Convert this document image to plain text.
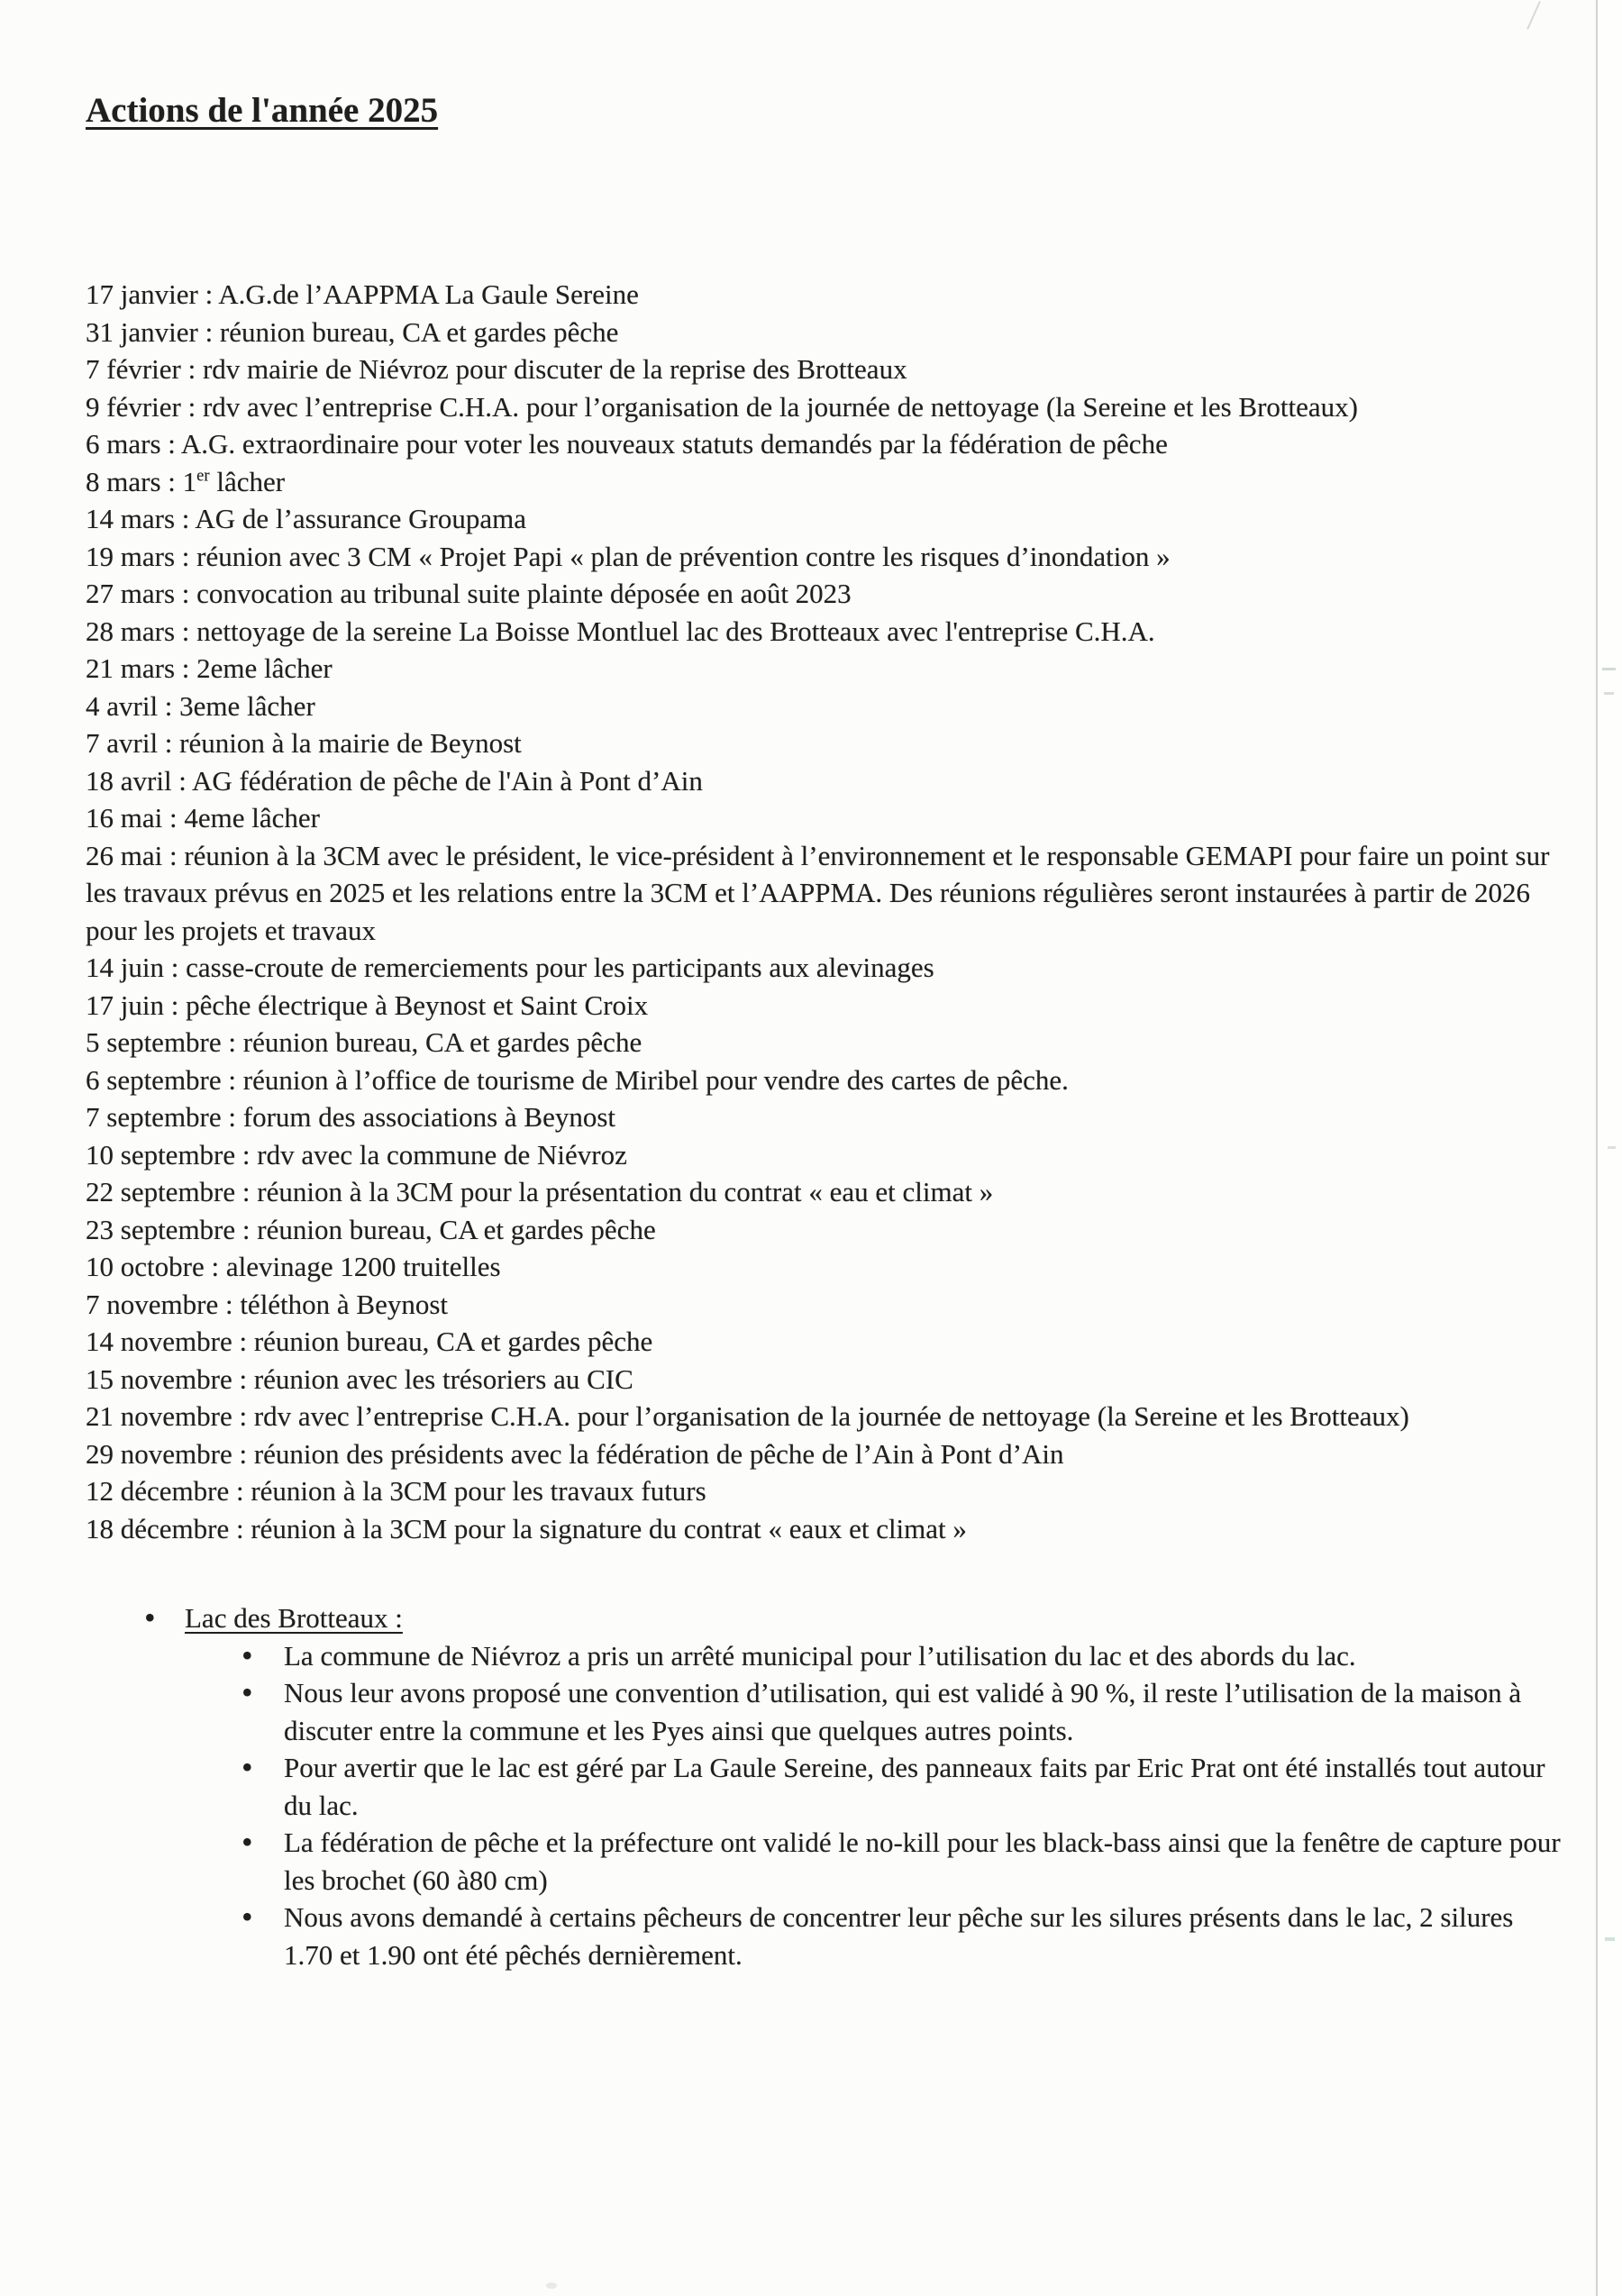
Actions de l'année 2025

17 janvier : A.G.de l’AAPPMA La Gaule Sereine

31 janvier : réunion bureau, CA et gardes pêche

7 février : rdv mairie de Niévroz pour discuter de la reprise des Brotteaux

9 février : rdv avec l’entreprise C.H.A. pour l’organisation de la journée de nettoyage (la Sereine et les Brotteaux)

6 mars : A.G. extraordinaire pour voter les nouveaux statuts demandés par la fédération de pêche

8 mars : 1er lâcher

14 mars : AG de l’assurance Groupama

19 mars : réunion avec 3 CM « Projet Papi « plan de prévention contre les risques d’inondation »

27 mars : convocation au tribunal suite plainte déposée en août 2023

28 mars : nettoyage de la sereine La Boisse Montluel lac des Brotteaux avec l'entreprise C.H.A.

21 mars : 2eme lâcher

4 avril : 3eme lâcher

7 avril : réunion à la mairie de Beynost

18 avril : AG fédération de pêche de l'Ain à Pont d’Ain

16 mai : 4eme lâcher

26 mai : réunion à la 3CM avec le président, le vice-président à l’environnement et le responsable GEMAPI pour faire un point sur les travaux prévus en 2025 et les relations entre la 3CM et l’AAPPMA. Des réunions régulières seront instaurées à partir de 2026 pour les projets et travaux

14 juin : casse-croute de remerciements pour les participants aux alevinages

17 juin : pêche électrique à Beynost et Saint Croix

5 septembre : réunion bureau, CA et gardes pêche

6 septembre : réunion à l’office de tourisme de Miribel pour vendre des cartes de pêche.

7 septembre : forum des associations à Beynost

10 septembre : rdv avec la commune de Niévroz

22 septembre : réunion à la 3CM pour la présentation du contrat « eau et climat »

23 septembre : réunion bureau, CA et gardes pêche

10 octobre : alevinage 1200 truitelles

7 novembre : téléthon à Beynost

14 novembre : réunion bureau, CA et gardes pêche

15 novembre : réunion avec les trésoriers au CIC

21 novembre : rdv avec l’entreprise C.H.A. pour l’organisation de la journée de nettoyage (la Sereine et les Brotteaux)

29 novembre : réunion des présidents avec la fédération de pêche de l’Ain à Pont d’Ain

12 décembre : réunion à la 3CM pour les travaux futurs

18 décembre : réunion à la 3CM pour la signature du contrat « eaux et climat »

•	Lac des Brotteaux :
•	La commune de Niévroz a pris un arrêté municipal pour l’utilisation du lac et des abords du lac.
•	Nous leur avons proposé une convention d’utilisation, qui est validé à 90 %, il reste l’utilisation de la maison à discuter entre la commune et les Pyes ainsi que quelques autres points.
•	Pour avertir que le lac est géré par La Gaule Sereine, des panneaux faits par Eric Prat ont été installés tout autour du lac.
•	La fédération de pêche et la préfecture ont validé le no-kill pour les black-bass ainsi que la fenêtre de capture pour les brochet (60 à80 cm)
•	Nous avons demandé à certains pêcheurs de concentrer leur pêche sur les silures présents dans le lac, 2 silures 1.70 et 1.90 ont été pêchés dernièrement.
